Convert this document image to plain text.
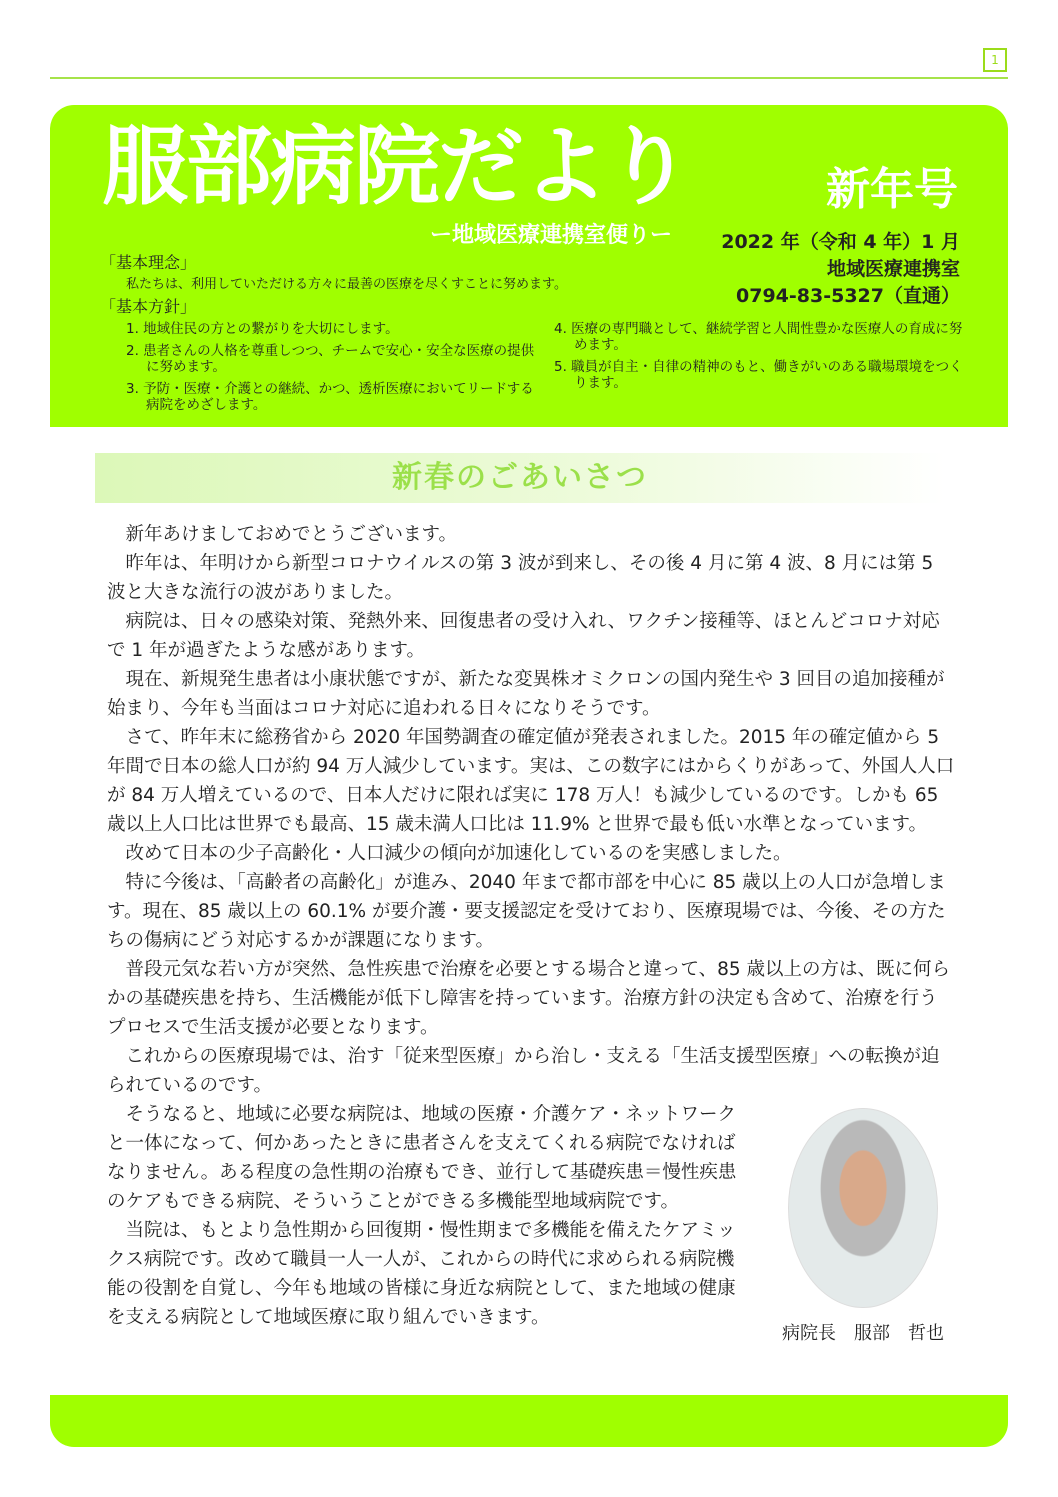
1
服部病院だより
ー地域医療連携室便りー
新年号
2022 年（令和 4 年）1 月
地域医療連携室
0794-83-5327（直通）
「基本理念」
私たちは、利用していただける方々に最善の医療を尽くすことに努めます。
「基本方針」
1. 地域住民の方との繋がりを大切にします。
2. 患者さんの人格を尊重しつつ、チームで安心・安全な医療の提供に努めます。
3. 予防・医療・介護との継続、かつ、透析医療においてリードする病院をめざします。
4. 医療の専門職として、継続学習と人間性豊かな医療人の育成に努めます。
5. 職員が自主・自律の精神のもと、働きがいのある職場環境をつくります。
新春のごあいさつ

新年あけましておめでとうございます。

昨年は、年明けから新型コロナウイルスの第 3 波が到来し、その後 4 月に第 4 波、8 月には第 5 波と大きな流行の波がありました。

病院は、日々の感染対策、発熱外来、回復患者の受け入れ、ワクチン接種等、ほとんどコロナ対応で 1 年が過ぎたような感があります。

現在、新規発生患者は小康状態ですが、新たな変異株オミクロンの国内発生や 3 回目の追加接種が始まり、今年も当面はコロナ対応に追われる日々になりそうです。

さて、昨年末に総務省から 2020 年国勢調査の確定値が発表されました。2015 年の確定値から 5 年間で日本の総人口が約 94 万人減少しています。実は、この数字にはからくりがあって、外国人人口が 84 万人増えているので、日本人だけに限れば実に 178 万人！も減少しているのです。しかも 65 歳以上人口比は世界でも最高、15 歳未満人口比は 11.9% と世界で最も低い水準となっています。

改めて日本の少子高齢化・人口減少の傾向が加速化しているのを実感しました。

特に今後は、「高齢者の高齢化」が進み、2040 年まで都市部を中心に 85 歳以上の人口が急増します。現在、85 歳以上の 60.1% が要介護・要支援認定を受けており、医療現場では、今後、その方たちの傷病にどう対応するかが課題になります。

普段元気な若い方が突然、急性疾患で治療を必要とする場合と違って、85 歳以上の方は、既に何らかの基礎疾患を持ち、生活機能が低下し障害を持っています。治療方針の決定も含めて、治療を行うプロセスで生活支援が必要となります。

これからの医療現場では、治す「従来型医療」から治し・支える「生活支援型医療」への転換が迫られているのです。

病院長　服部　哲也

そうなると、地域に必要な病院は、地域の医療・介護ケア・ネットワークと一体になって、何かあったときに患者さんを支えてくれる病院でなければなりません。ある程度の急性期の治療もでき、並行して基礎疾患＝慢性疾患のケアもできる病院、そういうことができる多機能型地域病院です。

当院は、もとより急性期から回復期・慢性期まで多機能を備えたケアミックス病院です。改めて職員一人一人が、これからの時代に求められる病院機能の役割を自覚し、今年も地域の皆様に身近な病院として、また地域の健康を支える病院として地域医療に取り組んでいきます。
